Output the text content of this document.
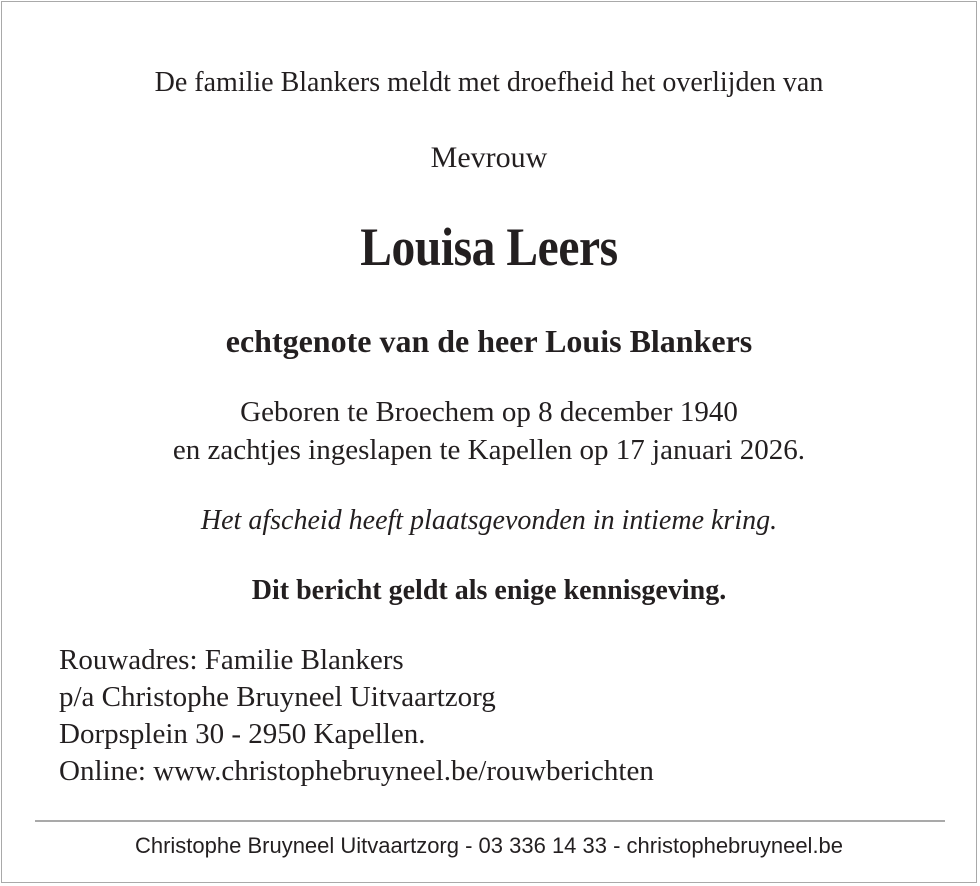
De familie Blankers meldt met droefheid het overlijden van
Mevrouw
Louisa Leers
echtgenote van de heer Louis Blankers
Geboren te Broechem op 8 december 1940
en zachtjes ingeslapen te Kapellen op 17 januari 2026.
Het afscheid heeft plaatsgevonden in intieme kring.
Dit bericht geldt als enige kennisgeving.
Rouwadres: Familie Blankers
p/a Christophe Bruyneel Uitvaartzorg
Dorpsplein 30 - 2950 Kapellen.
Online: www.christophebruyneel.be/rouwberichten
Christophe Bruyneel Uitvaartzorg - 03 336 14 33 - christophebruyneel.be
